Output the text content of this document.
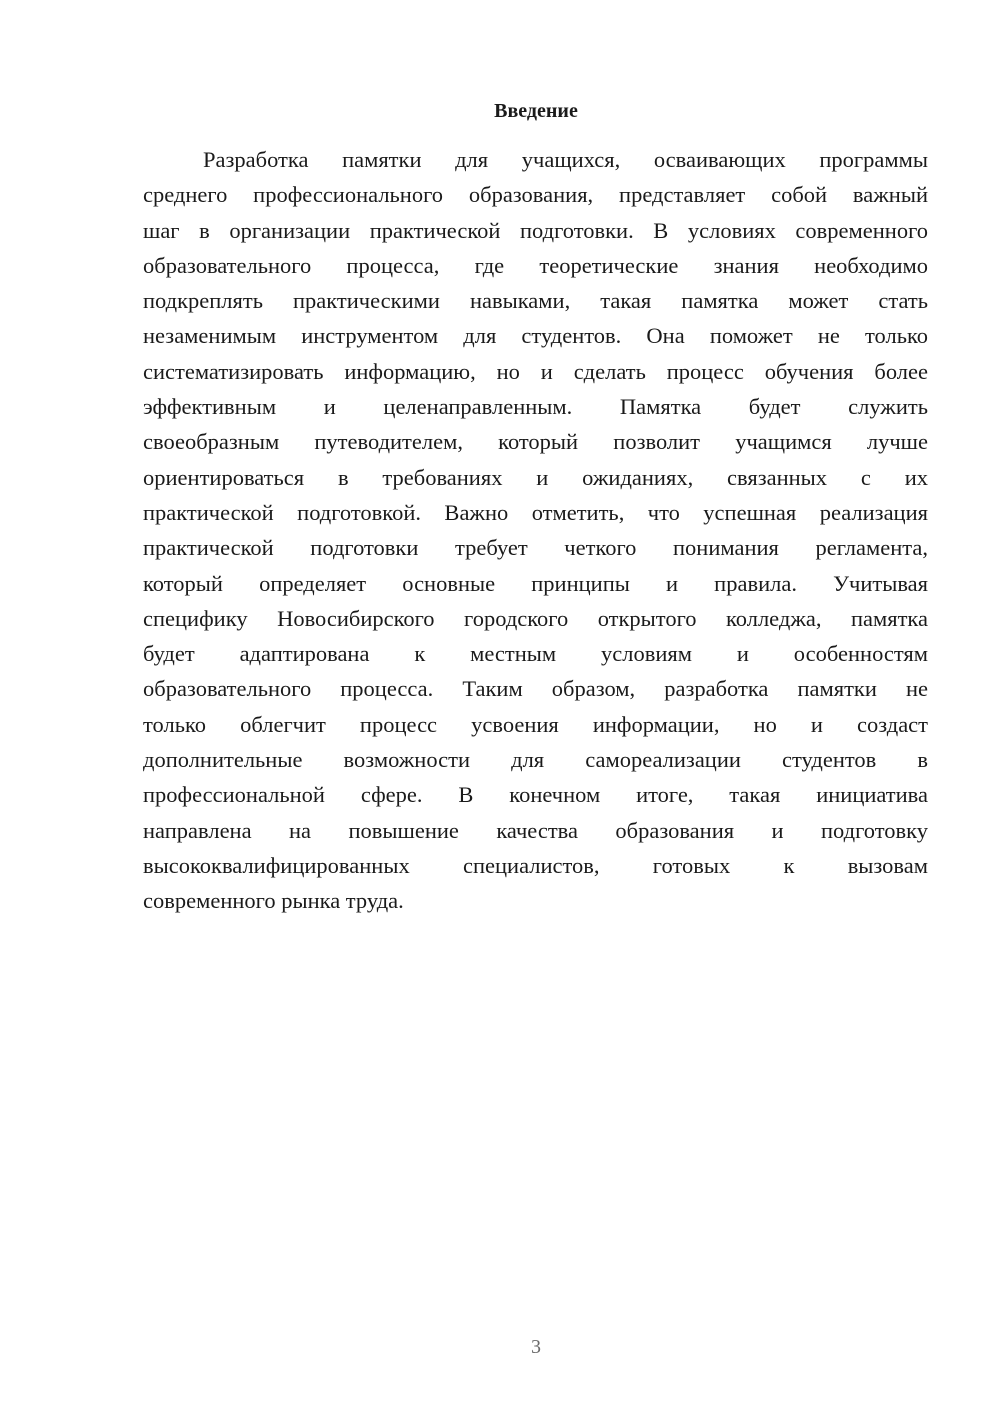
Введение
Разработка памятки для учащихся, осваивающих программы
среднего профессионального образования, представляет собой важный
шаг в организации практической подготовки. В условиях современного
образовательного процесса, где теоретические знания необходимо
подкреплять практическими навыками, такая памятка может стать
незаменимым инструментом для студентов. Она поможет не только
систематизировать информацию, но и сделать процесс обучения более
эффективным и целенаправленным. Памятка будет служить
своеобразным путеводителем, который позволит учащимся лучше
ориентироваться в требованиях и ожиданиях, связанных с их
практической подготовкой. Важно отметить, что успешная реализация
практической подготовки требует четкого понимания регламента,
который определяет основные принципы и правила. Учитывая
специфику Новосибирского городского открытого колледжа, памятка
будет адаптирована к местным условиям и особенностям
образовательного процесса. Таким образом, разработка памятки не
только облегчит процесс усвоения информации, но и создаст
дополнительные возможности для самореализации студентов в
профессиональной сфере. В конечном итоге, такая инициатива
направлена на повышение качества образования и подготовку
высококвалифицированных специалистов, готовых к вызовам
современного рынка труда.
3
